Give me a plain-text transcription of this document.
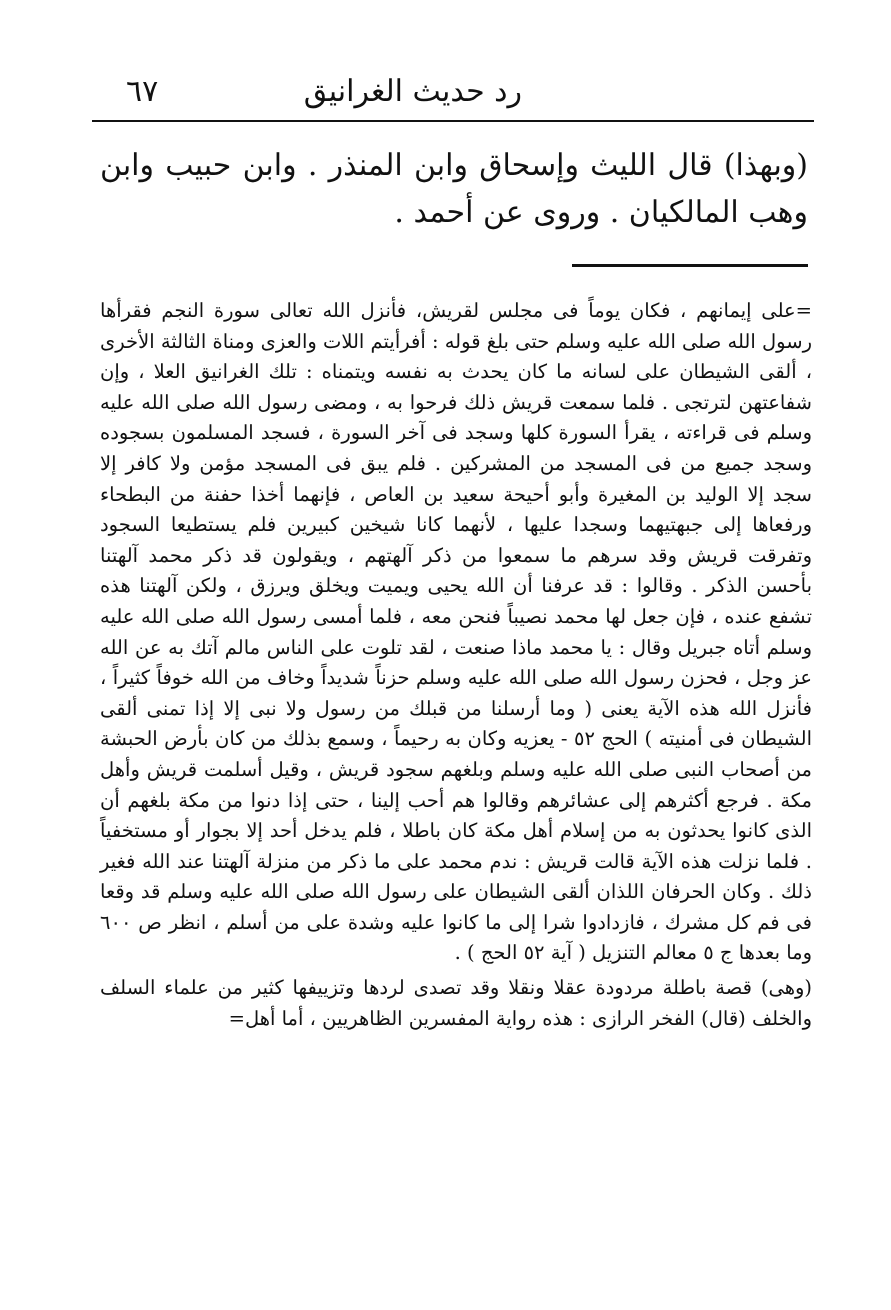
رد حديث الغرانيق
٦٧
(وبهذا) قال الليث وإسحاق وابن المنذر . وابن حبيب وابن وهب المالكيان . وروى عن أحمد .

=على إيمانهم ، فكان يوماً فى مجلس لقريش، فأنزل الله تعالى سورة النجم فقرأها رسول الله صلى الله عليه وسلم حتى بلغ قوله : أفرأيتم اللات والعزى ومناة الثالثة الأخرى ، ألقى الشيطان على لسانه ما كان يحدث به نفسه ويتمناه : تلك الغرانيق العلا ، وإن شفاعتهن لترتجى . فلما سمعت قريش ذلك فرحوا به ، ومضى رسول الله صلى الله عليه وسلم فى قراءته ، يقرأ السورة كلها وسجد فى آخر السورة ، فسجد المسلمون بسجوده وسجد جميع من فى المسجد من المشركين . فلم يبق فى المسجد مؤمن ولا كافر إلا سجد إلا الوليد بن المغيرة وأبو أحيحة سعيد بن العاص ، فإنهما أخذا حفنة من البطحاء ورفعاها إلى جبهتيهما وسجدا عليها ، لأنهما كانا شيخين كبيرين فلم يستطيعا السجود وتفرقت قريش وقد سرهم ما سمعوا من ذكر آلهتهم ، ويقولون قد ذكر محمد آلهتنا بأحسن الذكر . وقالوا : قد عرفنا أن الله يحيى ويميت ويخلق ويرزق ، ولكن آلهتنا هذه تشفع عنده ، فإن جعل لها محمد نصيباً فنحن معه ، فلما أمسى رسول الله صلى الله عليه وسلم أتاه جبريل وقال : يا محمد ماذا صنعت ، لقد تلوت على الناس مالم آتك به عن الله عز وجل ، فحزن رسول الله صلى الله عليه وسلم حزناً شديداً وخاف من الله خوفاً كثيراً ، فأنزل الله هذه الآية يعنى ( وما أرسلنا من قبلك من رسول ولا نبى إلا إذا تمنى ألقى الشيطان فى أمنيته ) الحج ٥٢ - يعزيه وكان به رحيماً ، وسمع بذلك من كان بأرض الحبشة من أصحاب النبى صلى الله عليه وسلم وبلغهم سجود قريش ، وقيل أسلمت قريش وأهل مكة . فرجع أكثرهم إلى عشائرهم وقالوا هم أحب إلينا ، حتى إذا دنوا من مكة بلغهم أن الذى كانوا يحدثون به من إسلام أهل مكة كان باطلا ، فلم يدخل أحد إلا بجوار أو مستخفياً . فلما نزلت هذه الآية قالت قريش : ندم محمد على ما ذكر من منزلة آلهتنا عند الله فغير ذلك . وكان الحرفان اللذان ألقى الشيطان على رسول الله صلى الله عليه وسلم قد وقعا فى فم كل مشرك ، فازدادوا شرا إلى ما كانوا عليه وشدة على من أسلم ، انظر ص ٦٠٠ وما بعدها ج ٥ معالم التنزيل ( آية ٥٢ الحج ) .

(وهى) قصة باطلة مردودة عقلا ونقلا وقد تصدى لردها وتزييفها كثير من علماء السلف والخلف (قال) الفخر الرازى : هذه رواية المفسرين الظاهريين ، أما أهل=
